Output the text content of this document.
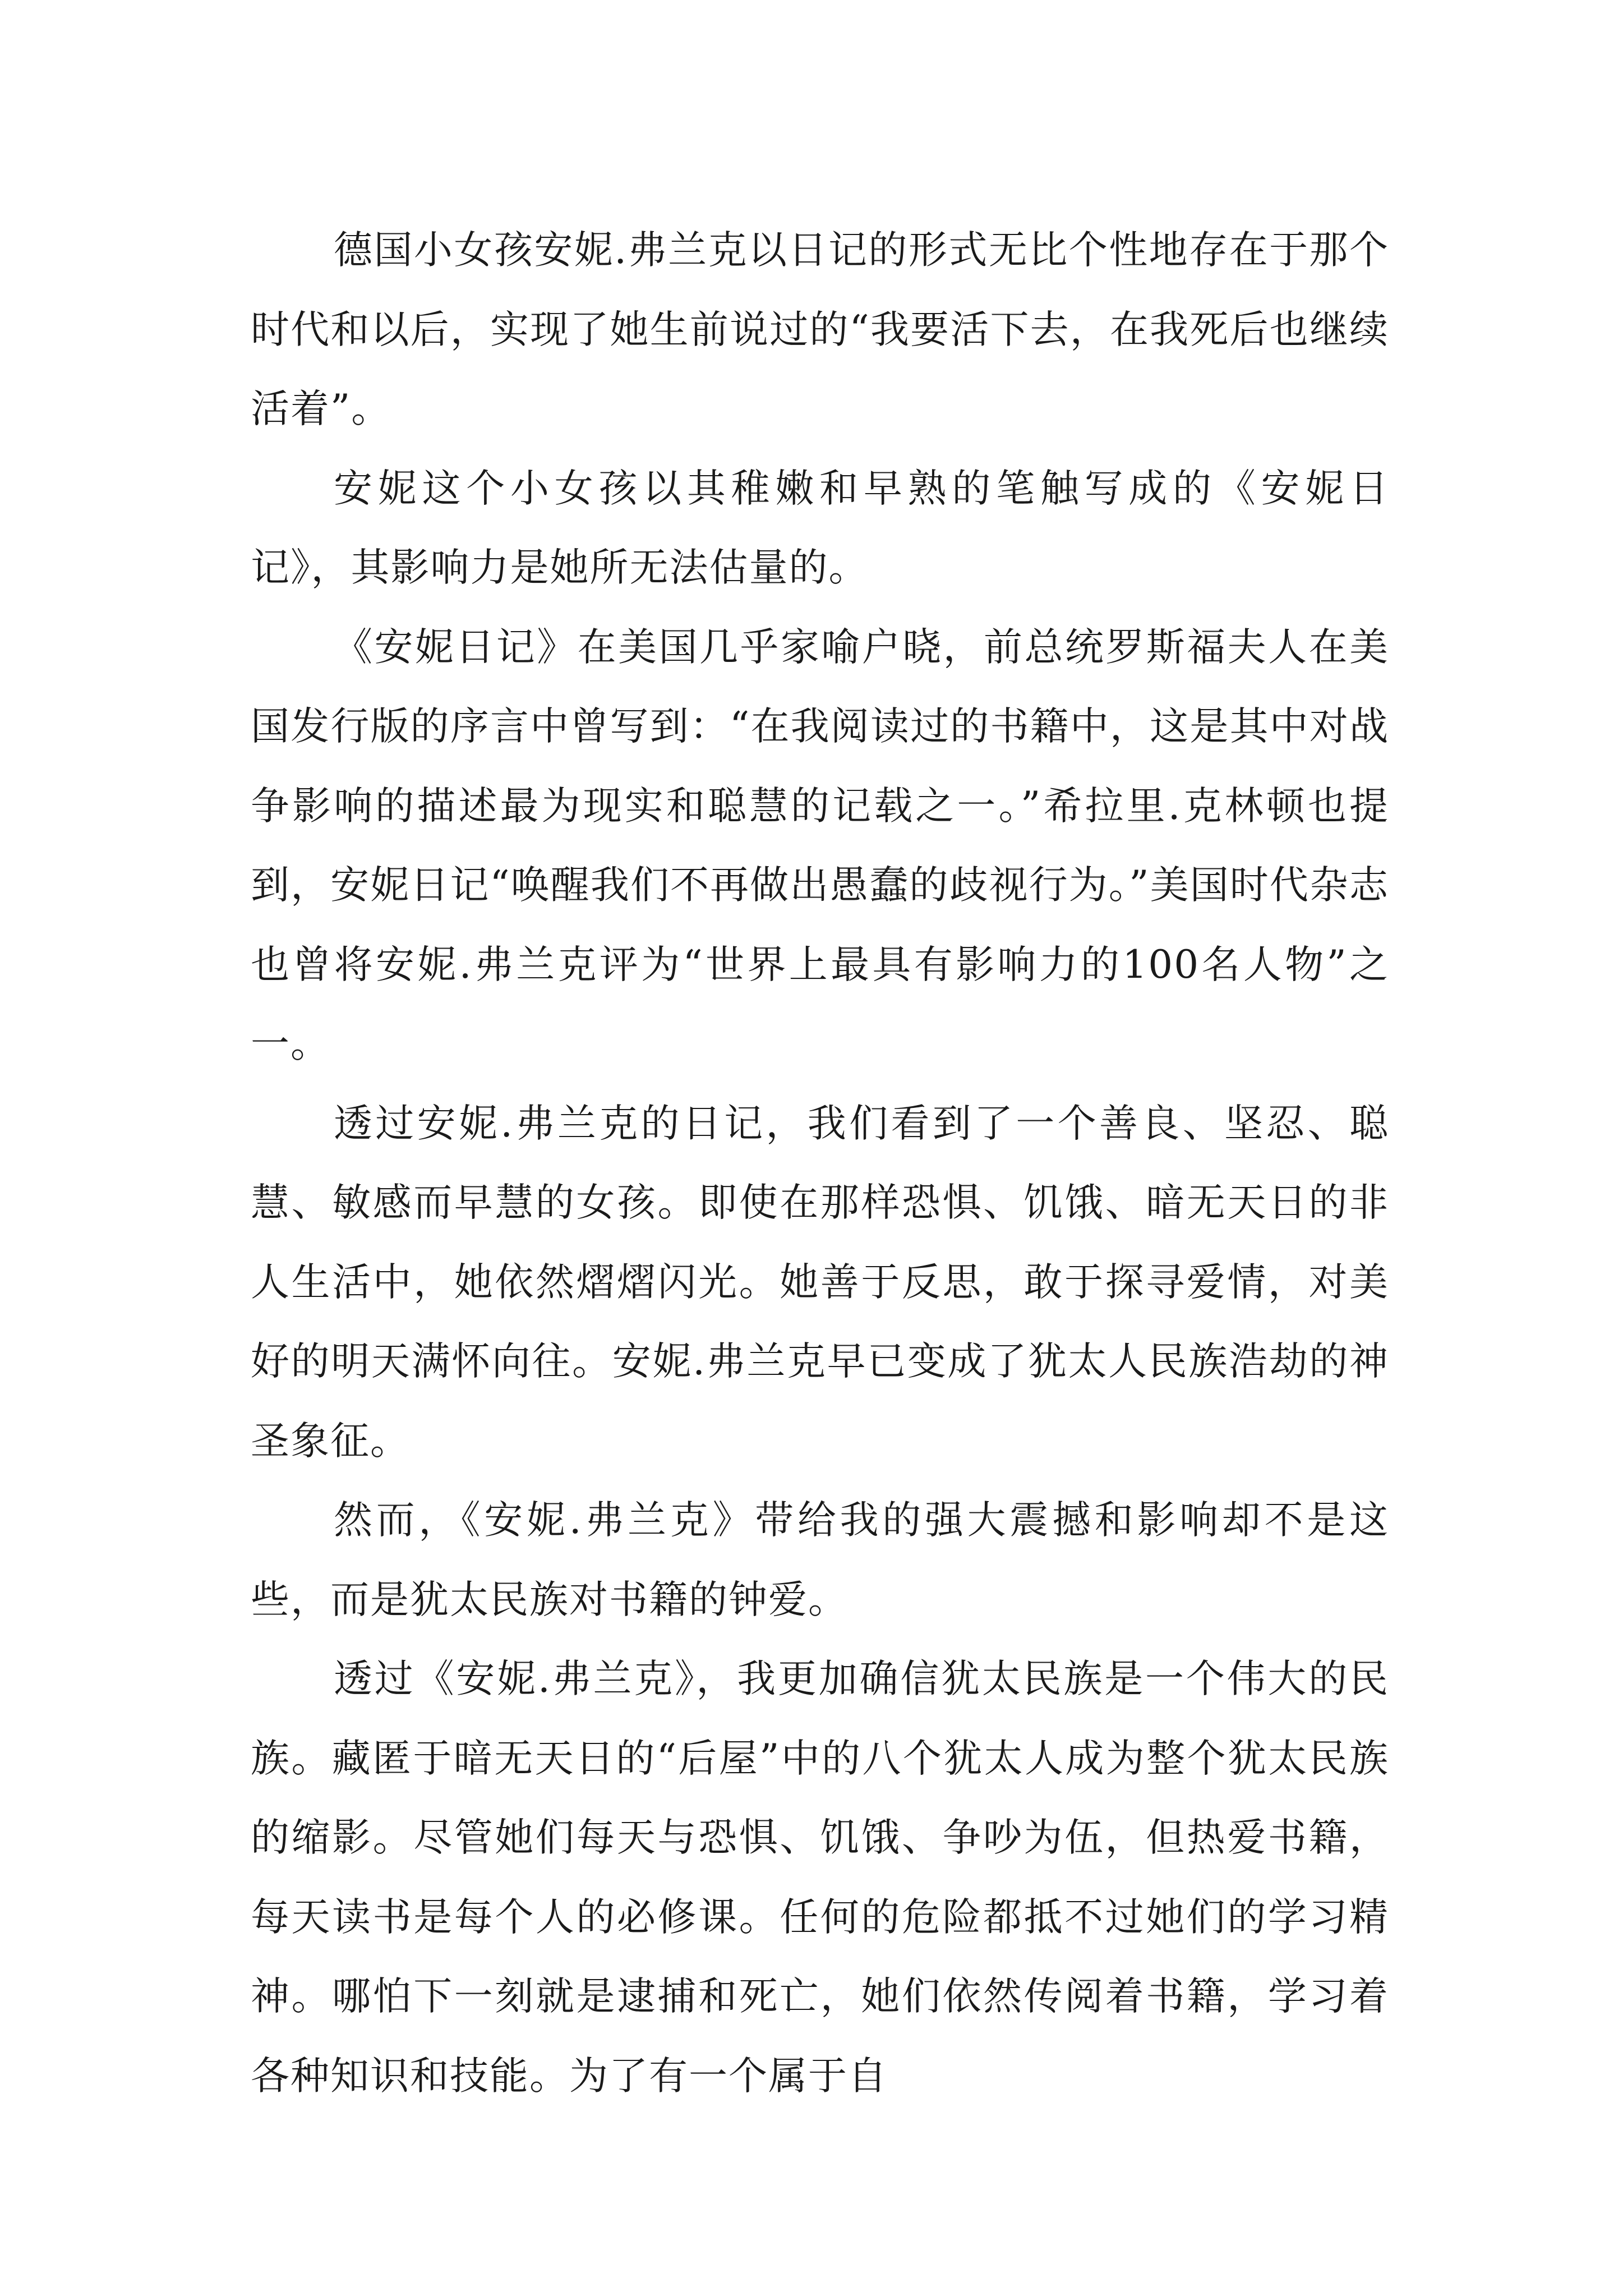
德国小女孩安妮.弗兰克以日记的形式无比个性地存在于那个时代和以后，实现了她生前说过的“我要活下去，在我死后也继续活着”。

安妮这个小女孩以其稚嫩和早熟的笔触写成的《安妮日记》，其影响力是她所无法估量的。

《安妮日记》在美国几乎家喻户晓，前总统罗斯福夫人在美国发行版的序言中曾写到：“在我阅读过的书籍中，这是其中对战争影响的描述最为现实和聪慧的记载之一。”希拉里.克林顿也提到，安妮日记“唤醒我们不再做出愚蠢的歧视行为。”美国时代杂志也曾将安妮.弗兰克评为“世界上最具有影响力的100名人物”之一。

透过安妮.弗兰克的日记，我们看到了一个善良、坚忍、聪慧、敏感而早慧的女孩。即使在那样恐惧、饥饿、暗无天日的非人生活中，她依然熠熠闪光。她善于反思，敢于探寻爱情，对美好的明天满怀向往。安妮.弗兰克早已变成了犹太人民族浩劫的神圣象征。

然而，《安妮.弗兰克》带给我的强大震撼和影响却不是这些，而是犹太民族对书籍的钟爱。

透过《安妮.弗兰克》，我更加确信犹太民族是一个伟大的民族。藏匿于暗无天日的“后屋”中的八个犹太人成为整个犹太民族的缩影。尽管她们每天与恐惧、饥饿、争吵为伍，但热爱书籍，每天读书是每个人的必修课。任何的危险都抵不过她们的学习精神。哪怕下一刻就是逮捕和死亡，她们依然传阅着书籍，学习着各种知识和技能。为了有一个属于自
